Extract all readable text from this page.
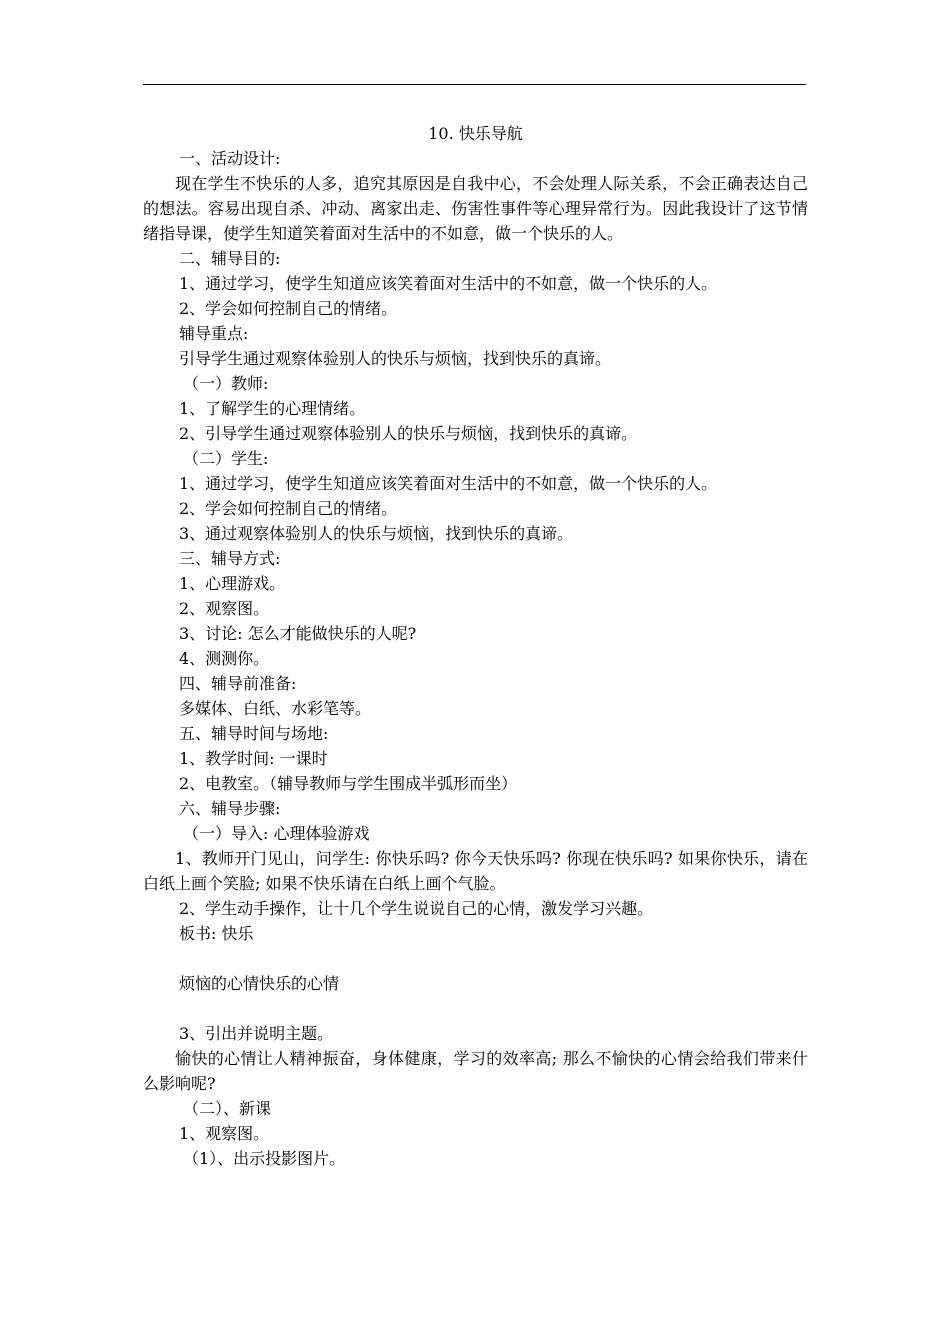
10. 快乐导航

一、活动设计:

现在学生不快乐的人多，追究其原因是自我中心，不会处理人际关系，不会正确表达自己的想法。容易出现自杀、冲动、离家出走、伤害性事件等心理异常行为。因此我设计了这节情绪指导课，使学生知道笑着面对生活中的不如意，做一个快乐的人。

二、辅导目的:

1、通过学习，使学生知道应该笑着面对生活中的不如意，做一个快乐的人。

2、学会如何控制自己的情绪。

辅导重点:

引导学生通过观察体验别人的快乐与烦恼，找到快乐的真谛。

（一）教师:

1、了解学生的心理情绪。

2、引导学生通过观察体验别人的快乐与烦恼，找到快乐的真谛。

（二）学生:

1、通过学习，使学生知道应该笑着面对生活中的不如意，做一个快乐的人。

2、学会如何控制自己的情绪。

3、通过观察体验别人的快乐与烦恼，找到快乐的真谛。

三、辅导方式:

1、心理游戏。

2、观察图。

3、讨论: 怎么才能做快乐的人呢?

4、测测你。

四、辅导前准备:

多媒体、白纸、水彩笔等。

五、辅导时间与场地:

1、教学时间: 一课时

2、电教室。（辅导教师与学生围成半弧形而坐）

六、辅导步骤:

（一）导入: 心理体验游戏

1、教师开门见山，问学生: 你快乐吗? 你今天快乐吗? 你现在快乐吗? 如果你快乐，请在白纸上画个笑脸; 如果不快乐请在白纸上画个气脸。

2、学生动手操作，让十几个学生说说自己的心情，激发学习兴趣。

板书: 快乐

烦恼的心情快乐的心情

3、引出并说明主题。

愉快的心情让人精神振奋，身体健康，学习的效率高; 那么不愉快的心情会给我们带来什么影响呢?

（二）、新课

1、观察图。

（1）、出示投影图片。
